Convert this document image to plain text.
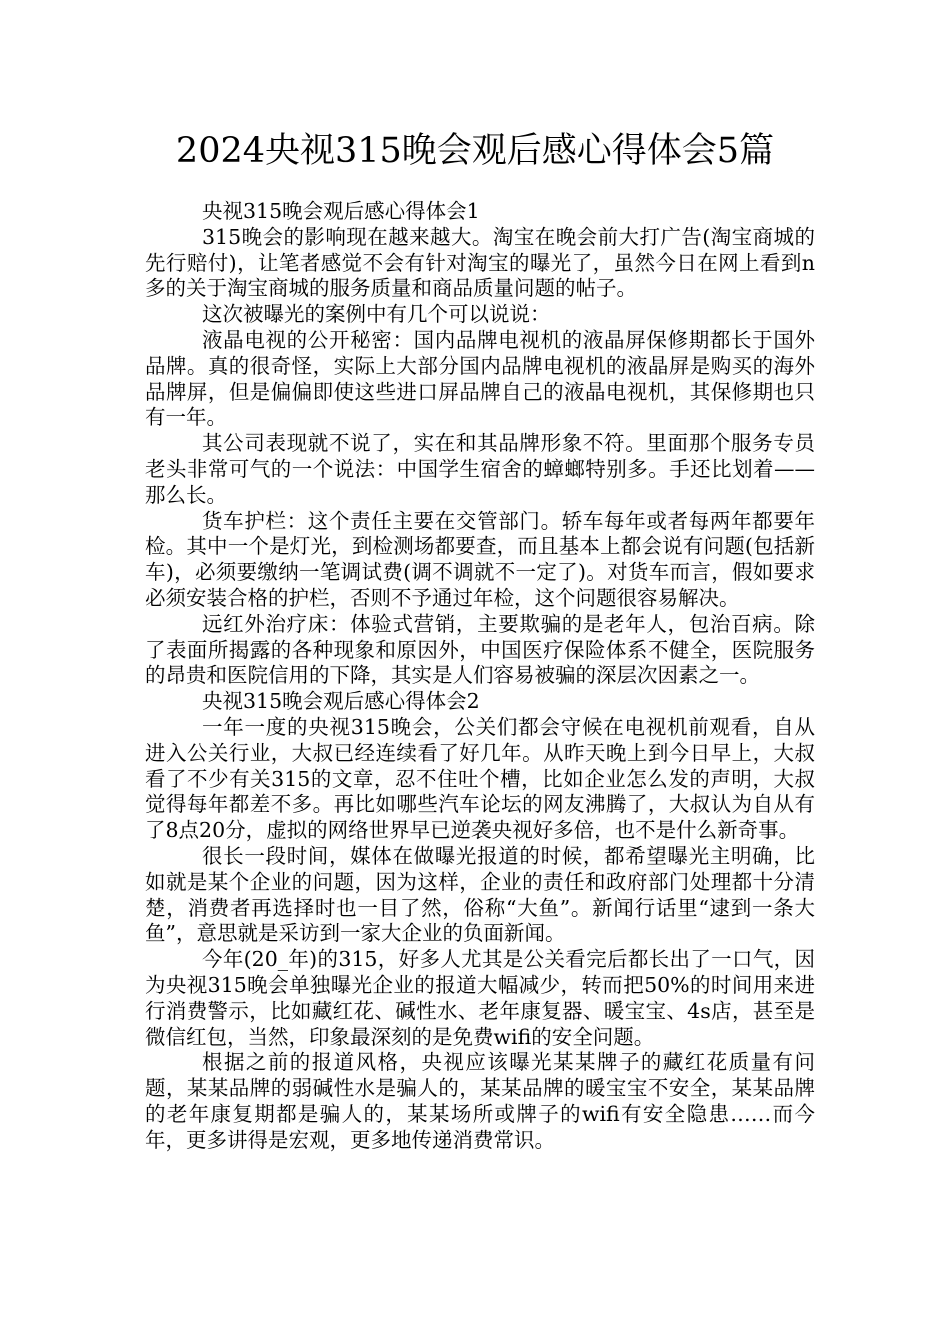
2024央视315晚会观后感心得体会5篇

央视315晚会观后感心得体会1

315晚会的影响现在越来越大。淘宝在晚会前大打广告(淘宝商城的先行赔付)，让笔者感觉不会有针对淘宝的曝光了，虽然今日在网上看到n多的关于淘宝商城的服务质量和商品质量问题的帖子。

这次被曝光的案例中有几个可以说说：

液晶电视的公开秘密：国内品牌电视机的液晶屏保修期都长于国外品牌。真的很奇怪，实际上大部分国内品牌电视机的液晶屏是购买的海外品牌屏，但是偏偏即使这些进口屏品牌自己的液晶电视机，其保修期也只有一年。

其公司表现就不说了，实在和其品牌形象不符。里面那个服务专员老头非常可气的一个说法：中国学生宿舍的蟑螂特别多。手还比划着——那么长。

货车护栏：这个责任主要在交管部门。轿车每年或者每两年都要年检。其中一个是灯光，到检测场都要查，而且基本上都会说有问题(包括新车)，必须要缴纳一笔调试费(调不调就不一定了)。对货车而言，假如要求必须安装合格的护栏，否则不予通过年检，这个问题很容易解决。

远红外治疗床：体验式营销，主要欺骗的是老年人，包治百病。除了表面所揭露的各种现象和原因外，中国医疗保险体系不健全，医院服务的昂贵和医院信用的下降，其实是人们容易被骗的深层次因素之一。

央视315晚会观后感心得体会2

一年一度的央视315晚会，公关们都会守候在电视机前观看，自从进入公关行业，大叔已经连续看了好几年。从昨天晚上到今日早上，大叔看了不少有关315的文章，忍不住吐个槽，比如企业怎么发的声明，大叔觉得每年都差不多。再比如哪些汽车论坛的网友沸腾了，大叔认为自从有了8点20分，虚拟的网络世界早已逆袭央视好多倍，也不是什么新奇事。

很长一段时间，媒体在做曝光报道的时候，都希望曝光主明确，比如就是某个企业的问题，因为这样，企业的责任和政府部门处理都十分清楚，消费者再选择时也一目了然，俗称“大鱼”。新闻行话里“逮到一条大鱼”，意思就是采访到一家大企业的负面新闻。

今年(20_年)的315，好多人尤其是公关看完后都长出了一口气，因为央视315晚会单独曝光企业的报道大幅减少，转而把50%的时间用来进行消费警示，比如藏红花、碱性水、老年康复器、暖宝宝、4s店，甚至是微信红包，当然，印象最深刻的是免费wifi的安全问题。

根据之前的报道风格，央视应该曝光某某牌子的藏红花质量有问题，某某品牌的弱碱性水是骗人的，某某品牌的暖宝宝不安全，某某品牌的老年康复期都是骗人的，某某场所或牌子的wifi有安全隐患……而今年，更多讲得是宏观，更多地传递消费常识。
